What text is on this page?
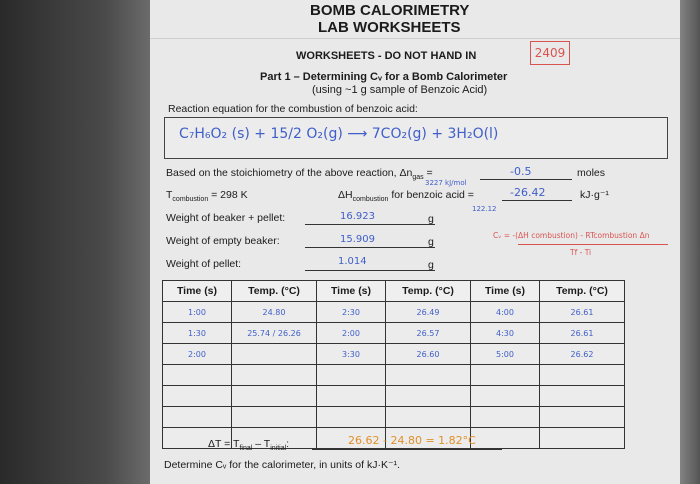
BOMB CALORIMETRY
LAB WORKSHEETS
WORKSHEETS - DO NOT HAND IN	2409
Part 1 – Determining Cᵥ for a Bomb Calorimeter
(using ~1 g sample of Benzoic Acid)
Reaction equation for the combustion of benzoic acid:
C₇H₆O₂ (s) + 15/2 O₂(g) ⟶ 7CO₂(g) + 3H₂O(l)
Based on the stoichiometry of the above reaction, $\Delta n_{gas}$ =	-0.5	moles
$T_{combustion} = 298$ K
3227 kJ/mol
$\Delta H_{combustion}$ for benzoic acid =	-26.42	kJ·g⁻¹
122.12
Weight of beaker + pellet:	16.923	g
Weight of empty beaker:	15.909	g
Weight of pellet:	1.014	g
Cᵥ = -(ΔH combustion) - RTcombustion Δn
Tf - Ti
Time (s)	Temp. (°C)	Time (s)	Temp. (°C)	Time (s)	Temp. (°C)
1:00	24.80	2:30	26.49	4:00	26.61
1:30	25.74 / 26.26	2:00	26.57	4:30	26.61
2:00		3:30	26.60	5:00	26.62

$\Delta T = T_{final} - T_{initial}$:	26.62 - 24.80 = 1.82°C
Determine Cᵥ for the calorimeter, in units of kJ·K⁻¹.
